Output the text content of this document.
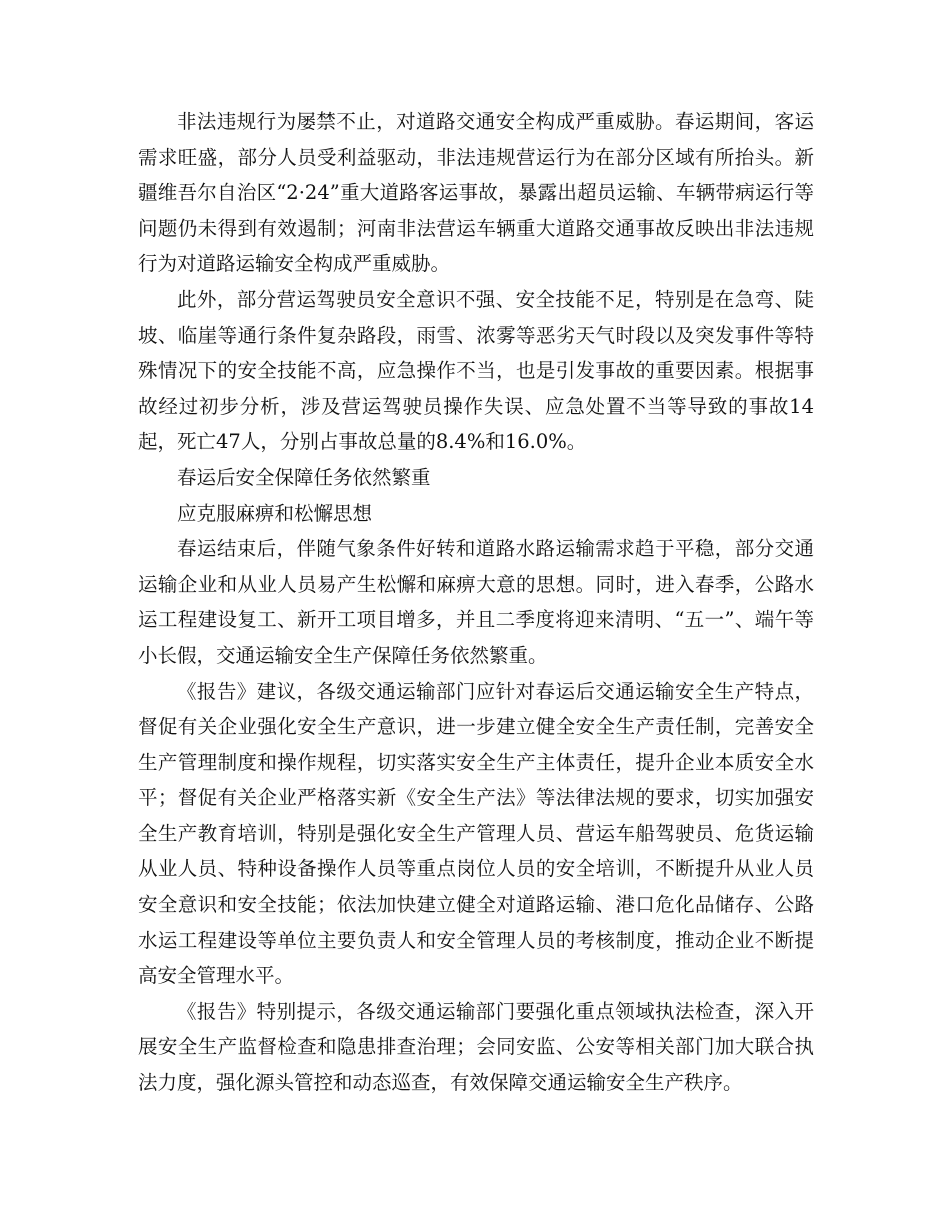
非法违规行为屡禁不止，对道路交通安全构成严重威胁。春运期间，客运需求旺盛，部分人员受利益驱动，非法违规营运行为在部分区域有所抬头。新疆维吾尔自治区“2·24”重大道路客运事故，暴露出超员运输、车辆带病运行等问题仍未得到有效遏制；河南非法营运车辆重大道路交通事故反映出非法违规行为对道路运输安全构成严重威胁。

此外，部分营运驾驶员安全意识不强、安全技能不足，特别是在急弯、陡坡、临崖等通行条件复杂路段，雨雪、浓雾等恶劣天气时段以及突发事件等特殊情况下的安全技能不高，应急操作不当，也是引发事故的重要因素。根据事故经过初步分析，涉及营运驾驶员操作失误、应急处置不当等导致的事故14起，死亡47人，分别占事故总量的8.4%和16.0%。

春运后安全保障任务依然繁重

应克服麻痹和松懈思想

春运结束后，伴随气象条件好转和道路水路运输需求趋于平稳，部分交通运输企业和从业人员易产生松懈和麻痹大意的思想。同时，进入春季，公路水运工程建设复工、新开工项目增多，并且二季度将迎来清明、“五一”、端午等小长假，交通运输安全生产保障任务依然繁重。

《报告》建议，各级交通运输部门应针对春运后交通运输安全生产特点，督促有关企业强化安全生产意识，进一步建立健全安全生产责任制，完善安全生产管理制度和操作规程，切实落实安全生产主体责任，提升企业本质安全水平；督促有关企业严格落实新《安全生产法》等法律法规的要求，切实加强安全生产教育培训，特别是强化安全生产管理人员、营运车船驾驶员、危货运输从业人员、特种设备操作人员等重点岗位人员的安全培训，不断提升从业人员安全意识和安全技能；依法加快建立健全对道路运输、港口危化品储存、公路水运工程建设等单位主要负责人和安全管理人员的考核制度，推动企业不断提高安全管理水平。

《报告》特别提示，各级交通运输部门要强化重点领域执法检查，深入开展安全生产监督检查和隐患排查治理；会同安监、公安等相关部门加大联合执法力度，强化源头管控和动态巡查，有效保障交通运输安全生产秩序。
